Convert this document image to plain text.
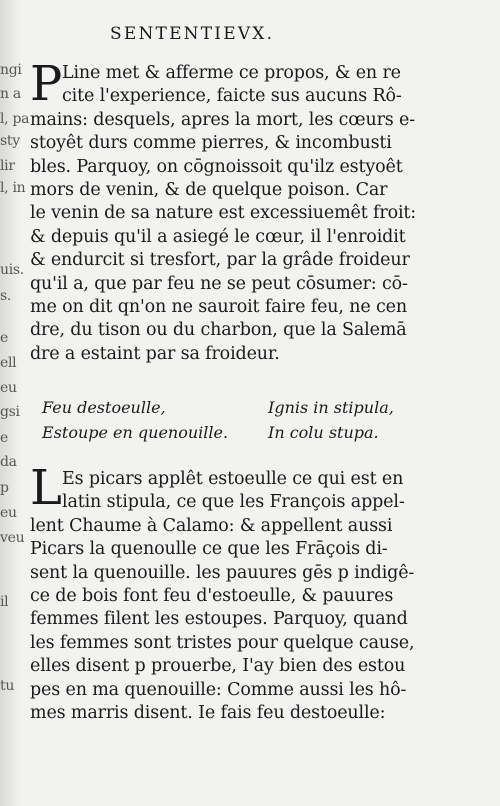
ngi
n a
l, pa
sty
lir
l, in
uis.
s.
e
ell
eu
gsi
e
da
p
eu
veu
il
tu
SENTENTIEVX.
P Line met & afferme ce propos, & en re
cite l'experience, faicte sus aucuns Rô-
mains: desquels, apres la mort, les cœurs e-
stoyêt durs comme pierres, & incombusti
bles. Parquoy, on cōgnoissoit qu'ilz estyoêt
mors de venin, & de quelque poison. Car
le venin de sa nature est excessiuemêt froit:
& depuis qu'il a asiegé le cœur, il l'enroidit
& endurcit si tresfort, par la grâde froideur
qu'il a, que par feu ne se peut cōsumer: cō-
me on dit qn'on ne sauroit faire feu, ne cen
dre, du tison ou du charbon, que la Salemā
dre a estaint par sa froideur.
Feu destoeulle,	Ignis in stipula,
Estoupe en quenouille. In colu stupa.
L Es picars applêt estoeulle ce qui est en
latin stipula, ce que les François appel-
lent Chaume à Calamo: & appellent aussi
Picars la quenoulle ce que les Frāçois di-
sent la quenouille. les pauures gēs p indigê-
ce de bois font feu d'estoeulle, & pauures
femmes filent les estoupes. Parquoy, quand
les femmes sont tristes pour quelque cause,
elles disent p prouerbe, I'ay bien des estou
pes en ma quenouille: Comme aussi les hô-
mes marris disent. Ie fais feu destoeulle:
